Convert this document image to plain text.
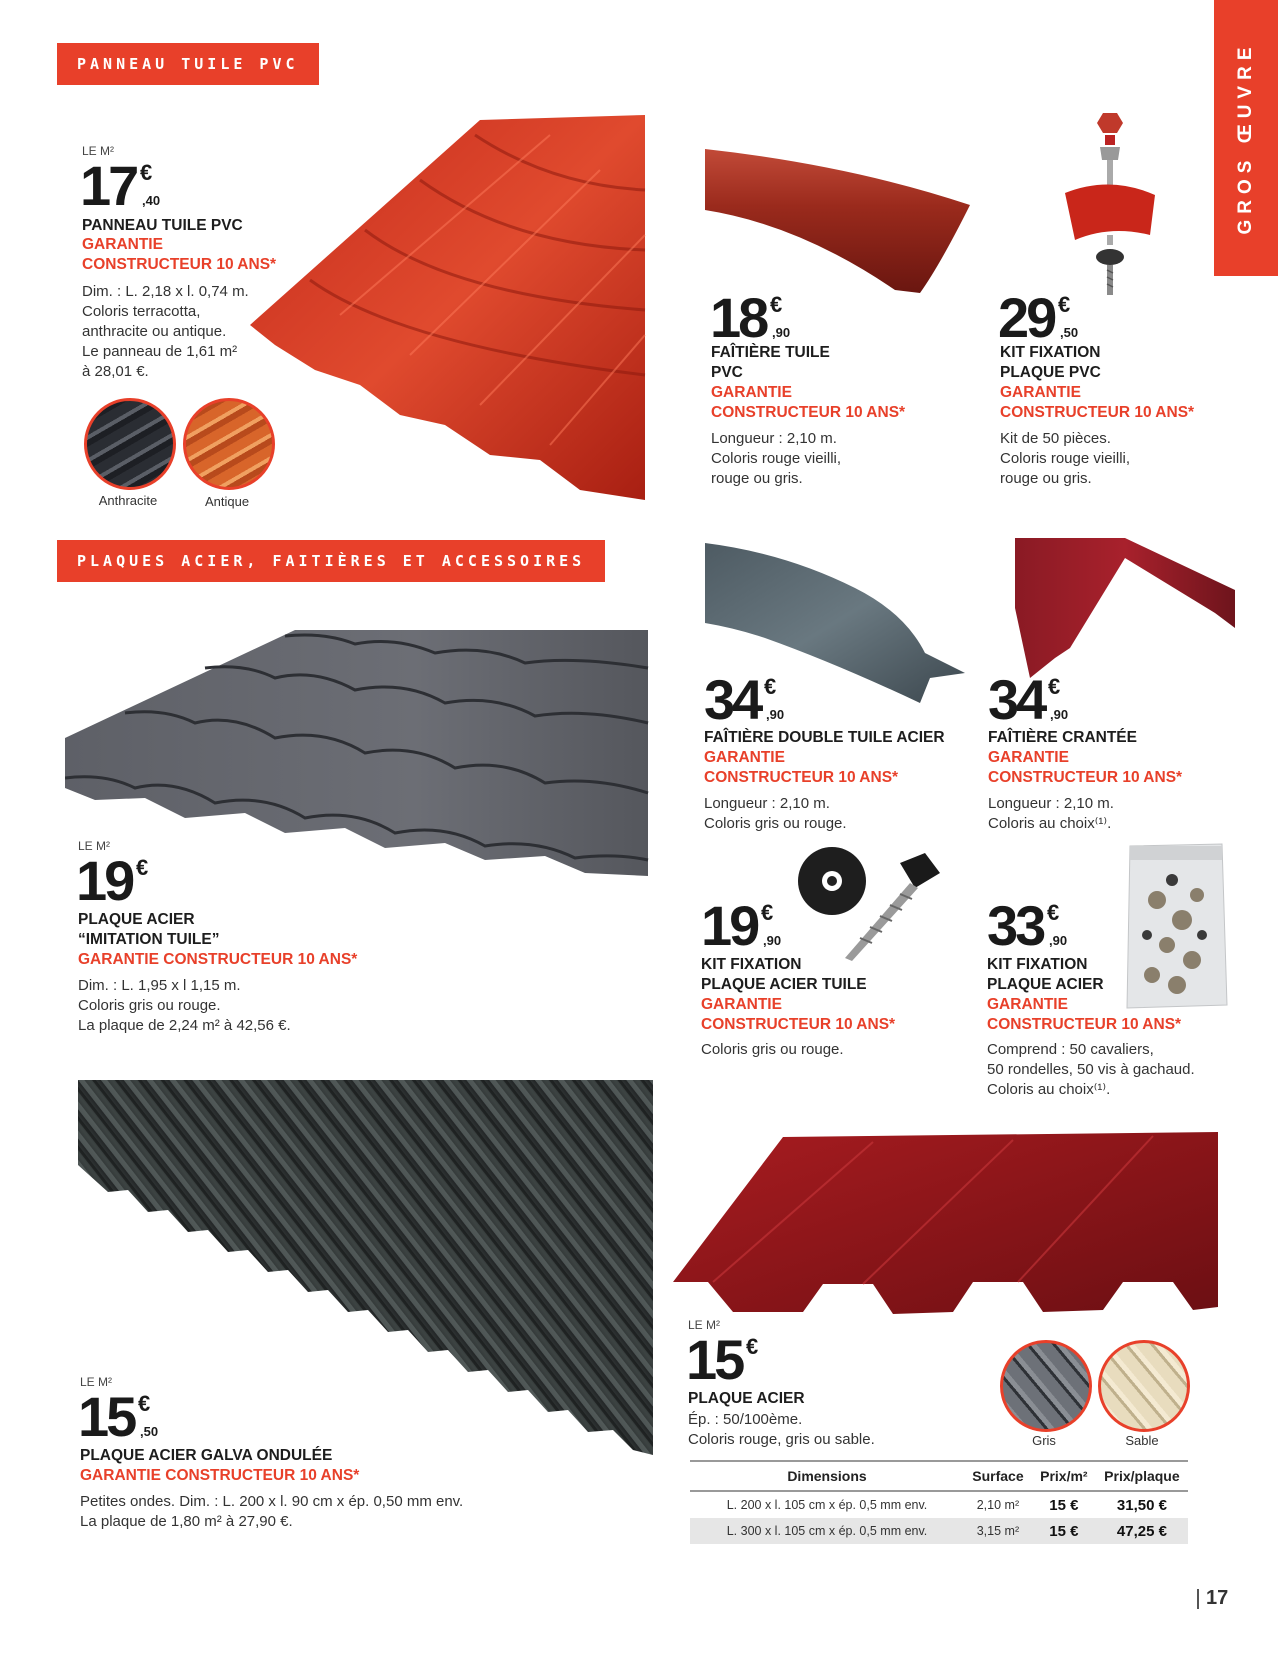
GROS ŒUVRE
PANNEAU TUILE PVC
PLAQUES ACIER, FAITIÈRES ET ACCESSOIRES
LE M²
17 €
,40
PANNEAU TUILE PVC
GARANTIE
CONSTRUCTEUR 10 ANS*
Dim. : L. 2,18 x l. 0,74 m.
Coloris terracotta,
anthracite ou antique.
Le panneau de 1,61 m²
à 28,01 €.
Anthracite	Antique
18 €
,90
FAÎTIÈRE TUILE
PVC
GARANTIE
CONSTRUCTEUR 10 ANS*
Longueur : 2,10 m.
Coloris rouge vieilli,
rouge ou gris.
29 €
,50
KIT FIXATION
PLAQUE PVC
GARANTIE
CONSTRUCTEUR 10 ANS*
Kit de 50 pièces.
Coloris rouge vieilli,
rouge ou gris.
LE M²
19 €
PLAQUE ACIER
“IMITATION TUILE”
GARANTIE CONSTRUCTEUR 10 ANS*
Dim. : L. 1,95 x l 1,15 m.
Coloris gris ou rouge.
La plaque de 2,24 m² à 42,56 €.
34 €
,90
FAÎTIÈRE DOUBLE TUILE ACIER
GARANTIE
CONSTRUCTEUR 10 ANS*
Longueur : 2,10 m.
Coloris gris ou rouge.
34 €
,90
FAÎTIÈRE CRANTÉE
GARANTIE
CONSTRUCTEUR 10 ANS*
Longueur : 2,10 m.
Coloris au choix⁽¹⁾.
19 €
,90
KIT FIXATION
PLAQUE ACIER TUILE
GARANTIE
CONSTRUCTEUR 10 ANS*
Coloris gris ou rouge.
33 €
,90
KIT FIXATION
PLAQUE ACIER
GARANTIE
CONSTRUCTEUR 10 ANS*
Comprend : 50 cavaliers,
50 rondelles, 50 vis à gachaud.
Coloris au choix⁽¹⁾.
LE M²
15 €
,50
PLAQUE ACIER GALVA ONDULÉE
GARANTIE CONSTRUCTEUR 10 ANS*
Petites ondes. Dim. : L. 200 x l. 90 cm x ép. 0,50 mm env.
La plaque de 1,80 m² à 27,90 €.
LE M²
15 €
PLAQUE ACIER
Ép. : 50/100ème.
Coloris rouge, gris ou sable.	Gris	Sable
Dimensions	Surface	Prix/m²	Prix/plaque
L. 200 x l. 105 cm x ép. 0,5 mm env.	2,10 m²	15 €	31,50 €
L. 300 x l. 105 cm x ép. 0,5 mm env.	3,15 m²	15 €	47,25 €
17
